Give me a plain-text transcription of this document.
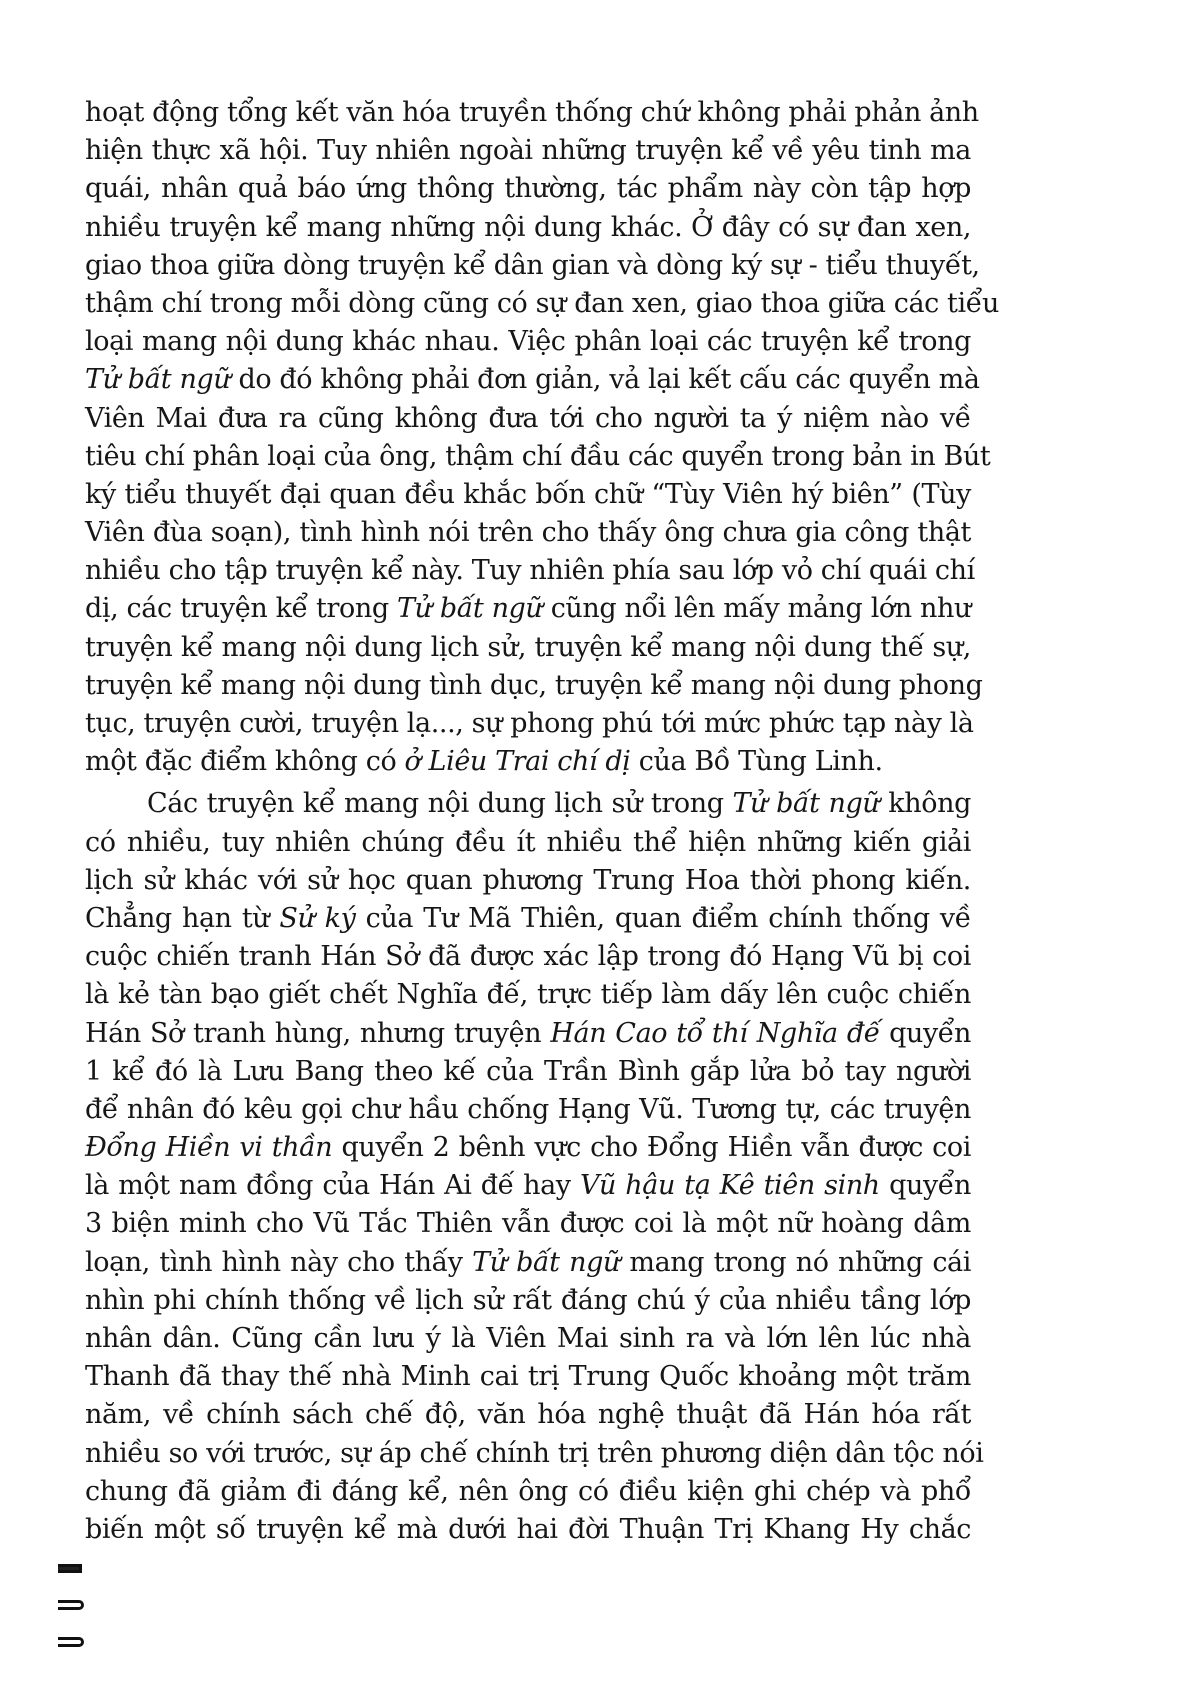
hoạt động tổng kết văn hóa truyền thống chứ không phải phản ảnh
hiện thực xã hội. Tuy nhiên ngoài những truyện kể về yêu tinh ma
quái, nhân quả báo ứng thông thường, tác phẩm này còn tập hợp
nhiều truyện kể mang những nội dung khác. Ở đây có sự đan xen,
giao thoa giữa dòng truyện kể dân gian và dòng ký sự - tiểu thuyết,
thậm chí trong mỗi dòng cũng có sự đan xen, giao thoa giữa các tiểu
loại mang nội dung khác nhau. Việc phân loại các truyện kể trong
Tử bất ngữ do đó không phải đơn giản, vả lại kết cấu các quyển mà
Viên Mai đưa ra cũng không đưa tới cho người ta ý niệm nào về
tiêu chí phân loại của ông, thậm chí đầu các quyển trong bản in Bút
ký tiểu thuyết đại quan đều khắc bốn chữ “Tùy Viên hý biên” (Tùy
Viên đùa soạn), tình hình nói trên cho thấy ông chưa gia công thật
nhiều cho tập truyện kể này. Tuy nhiên phía sau lớp vỏ chí quái chí
dị, các truyện kể trong Tử bất ngữ cũng nổi lên mấy mảng lớn như
truyện kể mang nội dung lịch sử, truyện kể mang nội dung thế sự,
truyện kể mang nội dung tình dục, truyện kể mang nội dung phong
tục, truyện cười, truyện lạ..., sự phong phú tới mức phức tạp này là
một đặc điểm không có ở Liêu Trai chí dị của Bồ Tùng Linh.
Các truyện kể mang nội dung lịch sử trong Tử bất ngữ không
có nhiều, tuy nhiên chúng đều ít nhiều thể hiện những kiến giải
lịch sử khác với sử học quan phương Trung Hoa thời phong kiến.
Chẳng hạn từ Sử ký của Tư Mã Thiên, quan điểm chính thống về
cuộc chiến tranh Hán Sở đã được xác lập trong đó Hạng Vũ bị coi
là kẻ tàn bạo giết chết Nghĩa đế, trực tiếp làm dấy lên cuộc chiến
Hán Sở tranh hùng, nhưng truyện Hán Cao tổ thí Nghĩa đế quyển
1 kể đó là Lưu Bang theo kế của Trần Bình gắp lửa bỏ tay người
để nhân đó kêu gọi chư hầu chống Hạng Vũ. Tương tự, các truyện
Đổng Hiền vi thần quyển 2 bênh vực cho Đổng Hiền vẫn được coi
là một nam đồng của Hán Ai đế hay Vũ hậu tạ Kê tiên sinh quyển
3 biện minh cho Vũ Tắc Thiên vẫn được coi là một nữ hoàng dâm
loạn, tình hình này cho thấy Tử bất ngữ mang trong nó những cái
nhìn phi chính thống về lịch sử rất đáng chú ý của nhiều tầng lớp
nhân dân. Cũng cần lưu ý là Viên Mai sinh ra và lớn lên lúc nhà
Thanh đã thay thế nhà Minh cai trị Trung Quốc khoảng một trăm
năm, về chính sách chế độ, văn hóa nghệ thuật đã Hán hóa rất
nhiều so với trước, sự áp chế chính trị trên phương diện dân tộc nói
chung đã giảm đi đáng kể, nên ông có điều kiện ghi chép và phổ
biến một số truyện kể mà dưới hai đời Thuận Trị Khang Hy chắc
